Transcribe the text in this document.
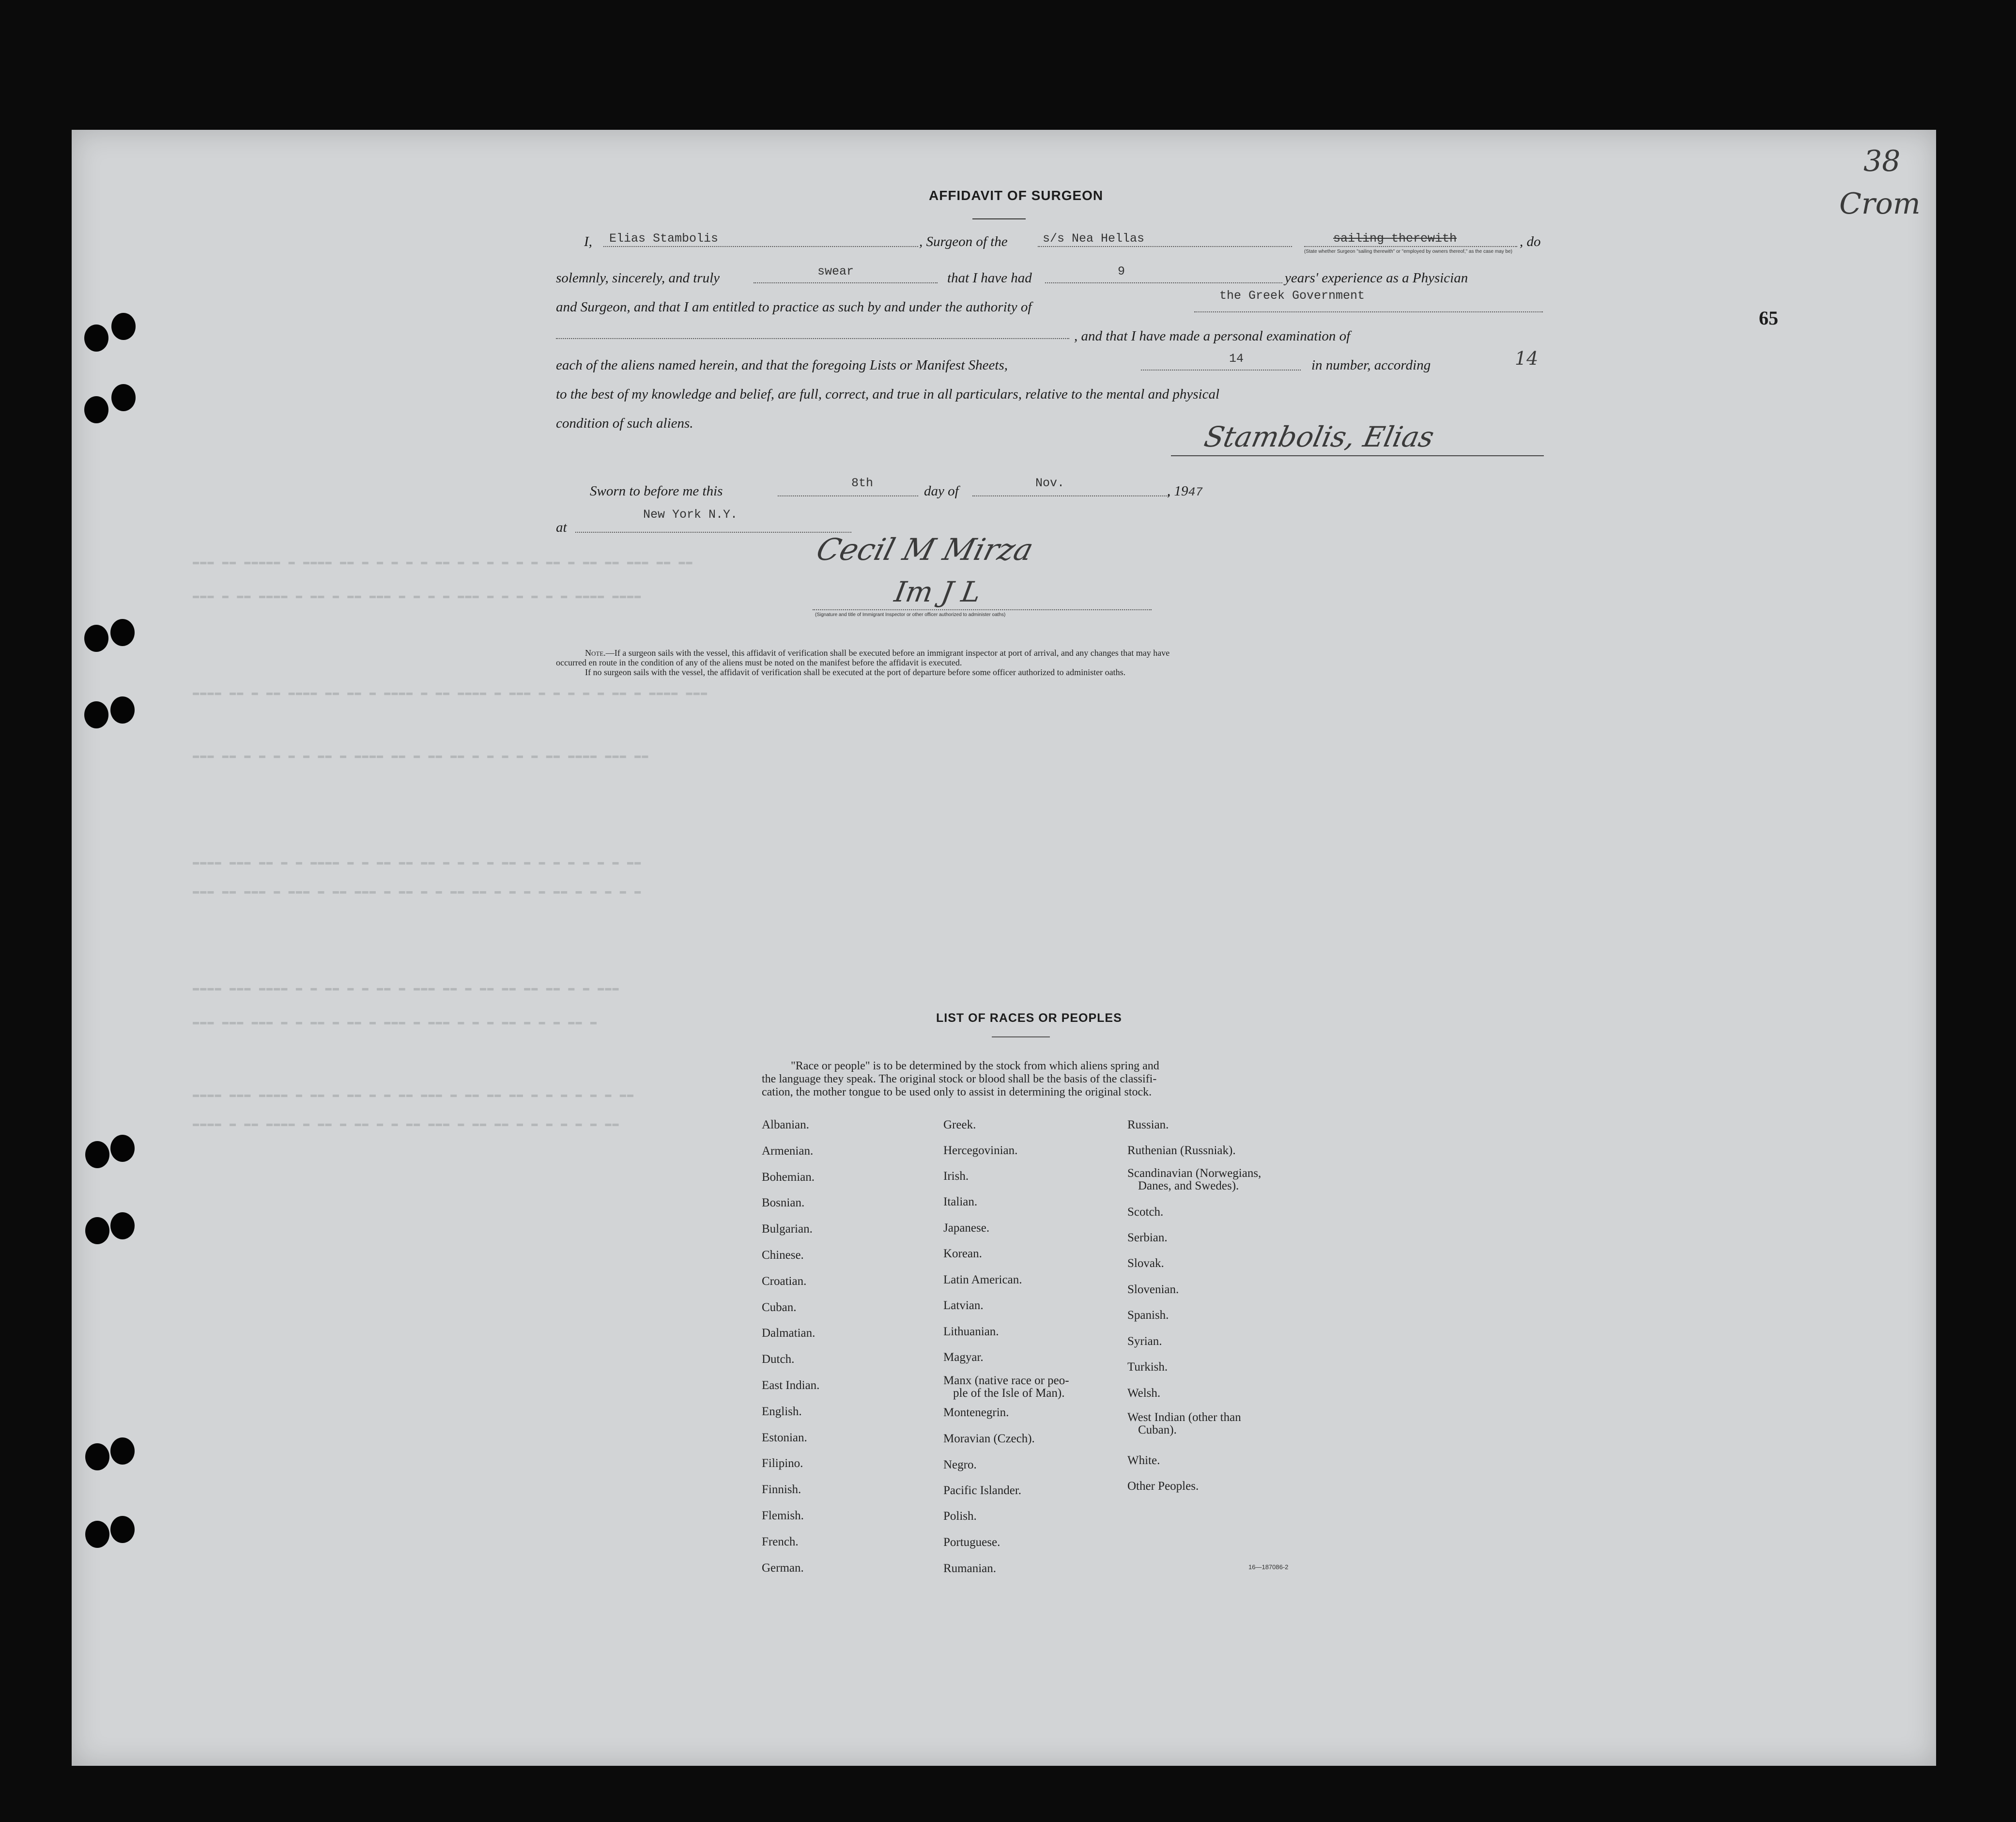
▬▬▬ ▬▬ ▬▬▬▬▬ ▬ ▬▬▬▬ ▬▬ ▬ ▬ ▬ ▬ ▬ ▬▬ ▬ ▬ ▬ ▬ ▬ ▬ ▬▬ ▬ ▬▬ ▬▬ ▬▬▬ ▬▬ ▬▬
▬▬▬ ▬ ▬▬ ▬▬▬▬ ▬ ▬▬ ▬ ▬▬ ▬▬▬ ▬ ▬ ▬ ▬ ▬▬▬ ▬ ▬ ▬ ▬ ▬ ▬ ▬▬▬▬ ▬▬▬▬
▬▬▬▬ ▬▬ ▬ ▬▬ ▬▬▬▬ ▬▬ ▬▬ ▬ ▬▬▬▬ ▬ ▬▬ ▬▬▬▬ ▬ ▬▬▬ ▬ ▬ ▬ ▬ ▬ ▬▬ ▬ ▬▬▬▬ ▬▬▬
▬▬▬ ▬▬ ▬ ▬ ▬ ▬ ▬ ▬▬ ▬ ▬▬▬▬ ▬▬ ▬ ▬▬ ▬▬ ▬ ▬ ▬ ▬ ▬ ▬▬ ▬▬▬▬ ▬▬▬ ▬▬
▬▬▬▬ ▬▬▬ ▬▬ ▬ ▬ ▬▬▬▬ ▬ ▬ ▬▬ ▬▬ ▬▬ ▬ ▬ ▬ ▬ ▬▬ ▬ ▬ ▬ ▬ ▬ ▬ ▬ ▬▬
▬▬▬ ▬▬ ▬▬▬ ▬ ▬▬▬ ▬ ▬▬ ▬▬▬ ▬ ▬▬ ▬ ▬ ▬▬ ▬▬ ▬ ▬ ▬ ▬ ▬▬ ▬ ▬ ▬ ▬ ▬
▬▬▬▬ ▬▬▬ ▬▬▬▬ ▬ ▬ ▬▬ ▬ ▬ ▬▬ ▬ ▬▬▬ ▬▬ ▬ ▬▬ ▬▬ ▬▬ ▬▬ ▬ ▬ ▬▬▬
▬▬▬ ▬▬▬ ▬▬▬ ▬ ▬ ▬▬ ▬ ▬▬ ▬ ▬▬▬ ▬ ▬▬▬ ▬ ▬ ▬ ▬▬ ▬ ▬ ▬ ▬▬ ▬
▬▬▬▬ ▬▬▬ ▬▬▬▬ ▬ ▬▬ ▬ ▬▬ ▬ ▬ ▬▬ ▬▬▬ ▬ ▬▬ ▬▬ ▬▬ ▬ ▬ ▬ ▬ ▬ ▬ ▬▬
▬▬▬▬ ▬ ▬▬ ▬▬▬▬ ▬ ▬▬ ▬ ▬▬ ▬ ▬ ▬▬ ▬▬▬ ▬ ▬▬ ▬▬ ▬ ▬ ▬ ▬ ▬ ▬ ▬▬
38
Crom
65
14
AFFIDAVIT OF SURGEON
I, Elias Stambolis	, Surgeon of the	s/s Nea Hellas	sailing therewith
(State whether Surgeon "sailing therewith" or "employed by owners thereof," as the case may be)
, do
solemnly, sincerely, and truly	swear	that I have had	9	years' experience as a Physician
and Surgeon, and that I am entitled to practice as such by and under the authority of
the Greek Government
, and that I have made a personal examination of
each of the aliens named herein, and that the foregoing Lists or Manifest Sheets,	14	in number, according
to the best of my knowledge and belief, are full, correct, and true in all particulars, relative to the mental and physical
condition of such aliens.	Stambolis, Elias
Sworn to before me this
8th
day of
Nov.
, 1947
at
New York N.Y.
Cecil M Mirza
Im J L
(Signature and title of Immigrant Inspector or other officer authorized to administer oaths)
Note.—If a surgeon sails with the vessel, this affidavit of verification shall be executed before an immigrant inspector at port of arrival, and any changes that may have
occurred en route in the condition of any of the aliens must be noted on the manifest before the affidavit is executed.
If no surgeon sails with the vessel, the affidavit of verification shall be executed at the port of departure before some officer authorized to administer oaths.
LIST OF RACES OR PEOPLES
"Race or people" is to be determined by the stock from which aliens spring and
the language they speak. The original stock or blood shall be the basis of the classifi-
cation, the mother tongue to be used only to assist in determining the original stock.
16—187086-2
Albanian.
Armenian.
Bohemian.
Bosnian.
Bulgarian.
Chinese.
Croatian.
Cuban.
Dalmatian.
Dutch.
East Indian.
English.
Estonian.
Filipino.
Finnish.
Flemish.
French.
German.
Greek.
Hercegovinian.
Irish.
Italian.
Japanese.
Korean.
Latin American.
Latvian.
Lithuanian.
Magyar.
Manx (native race or peo-
ple of the Isle of Man).
Montenegrin.
Moravian (Czech).
Negro.
Pacific Islander.
Polish.
Portuguese.
Rumanian.
Russian.
Ruthenian (Russniak).
Scandinavian (Norwegians,
Danes, and Swedes).
Scotch.
Serbian.
Slovak.
Slovenian.
Spanish.
Syrian.
Turkish.
Welsh.
West Indian (other than
Cuban).
White.
Other Peoples.
